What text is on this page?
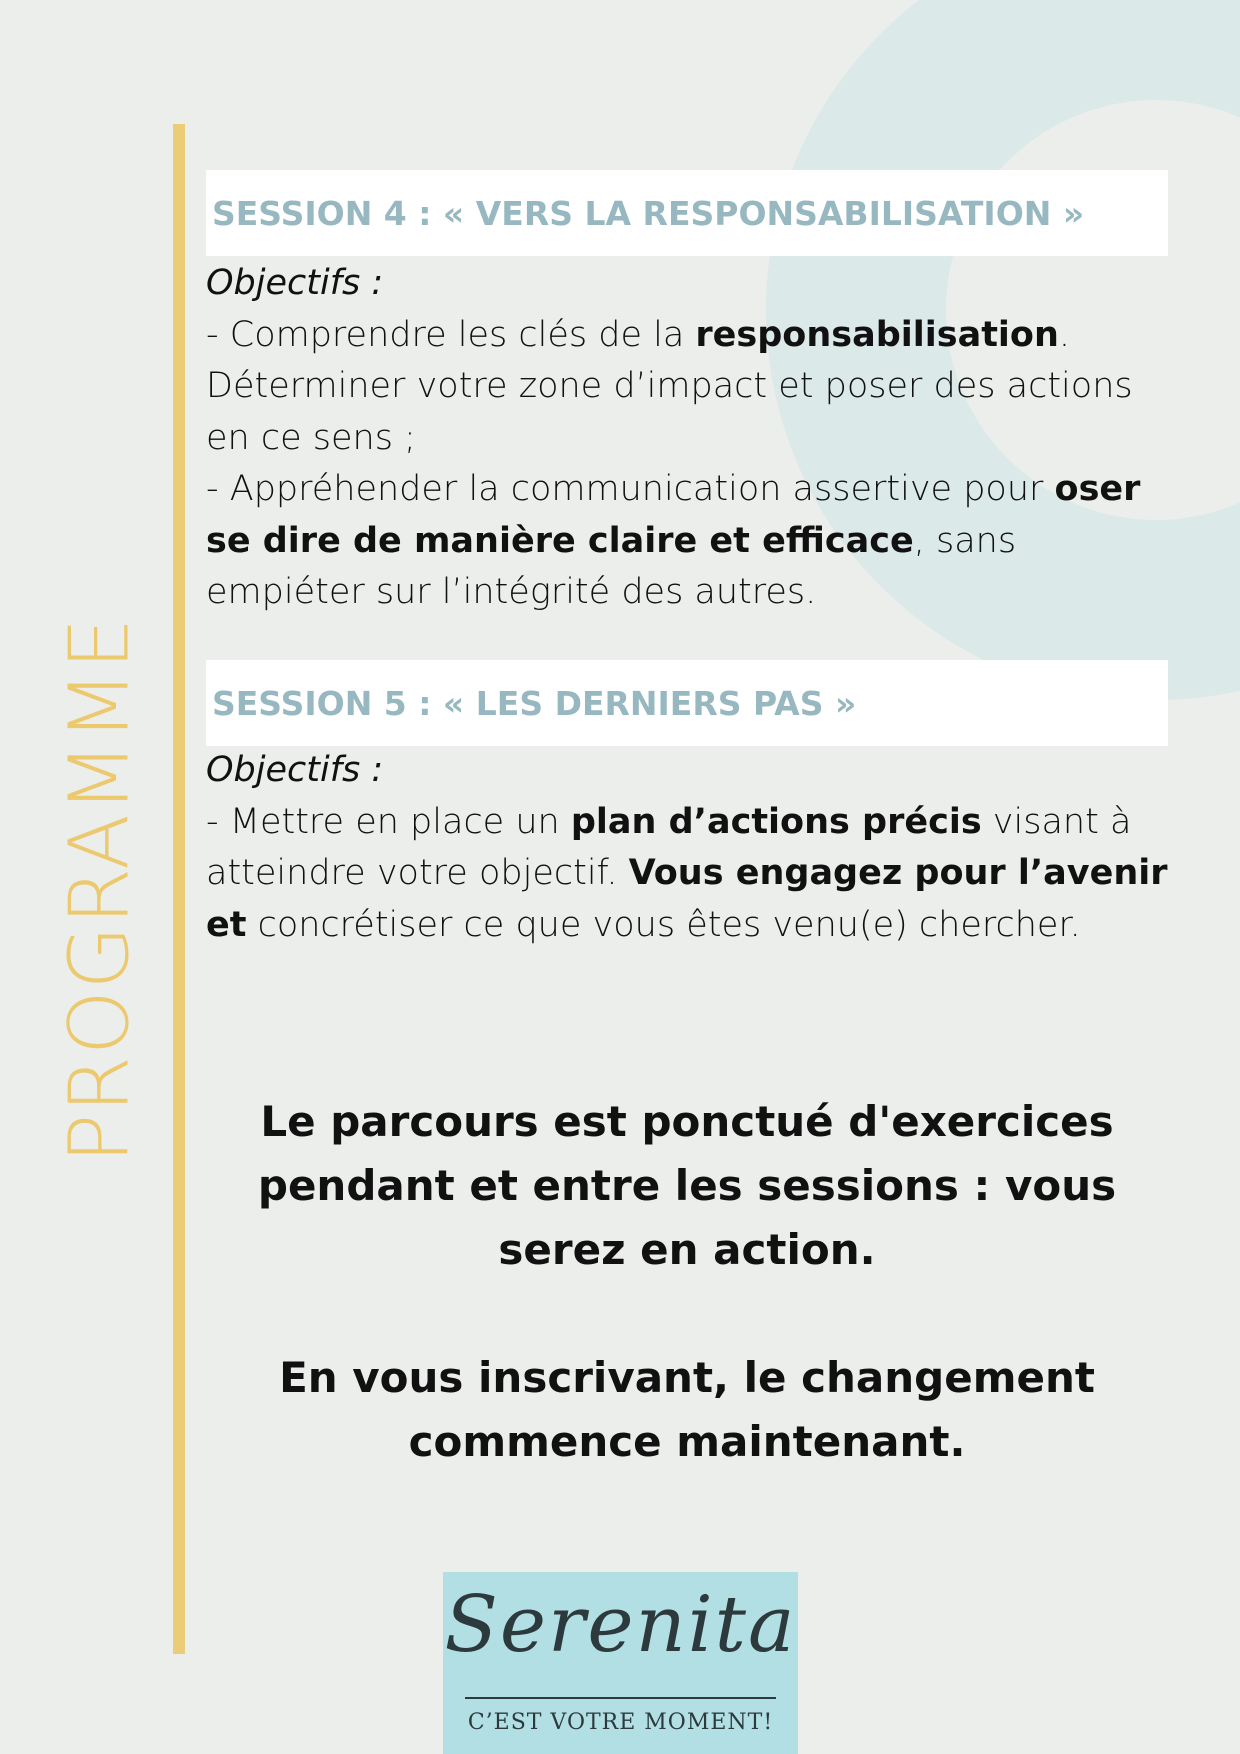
PROGRAMME
SESSION 4 : « VERS LA RESPONSABILISATION »

Objectifs :

- Comprendre les clés de la responsabilisation.

Déterminer votre zone d’impact et poser des actions en ce sens ;

- Appréhender la communication assertive pour oser se dire de manière claire et efficace, sans empiéter sur l’intégrité des autres.

SESSION 5 : « LES DERNIERS PAS »

Objectifs :

- Mettre en place un plan d’actions précis visant à atteindre votre objectif. Vous engagez pour l’avenir et concrétiser ce que vous êtes venu(e) chercher.

Le parcours est ponctué d'exercices pendant et entre les sessions : vous serez en action.

En vous inscrivant, le changement commence maintenant.

Serenita
C’EST VOTRE MOMENT!
